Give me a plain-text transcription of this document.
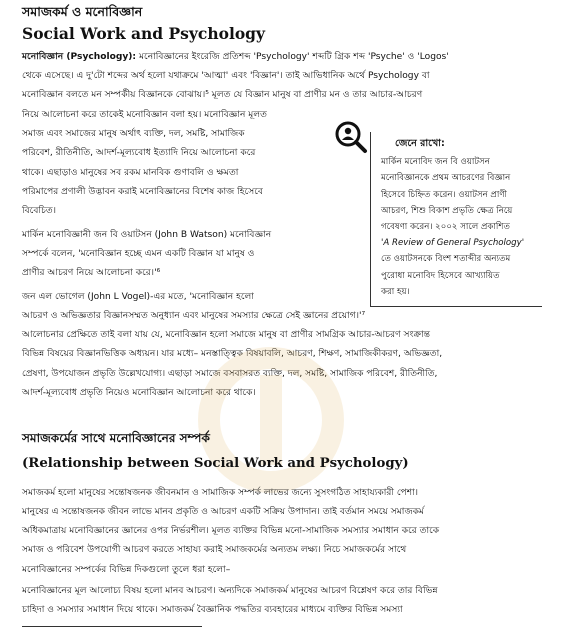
সমাজকর্ম ও মনোবিজ্ঞান
Social Work and Psychology
মনোবিজ্ঞান (Psychology): মনোবিজ্ঞানের ইংরেজি প্রতিশব্দ 'Psychology' শব্দটি গ্রিক শব্দ 'Psyche' ও 'Logos'
থেকে এসেছে। এ দু'টো শব্দের অর্থ হলো যথাক্রমে 'আত্মা' এবং 'বিজ্ঞান'। তাই আভিধানিক অর্থে Psychology বা
মনোবিজ্ঞান বলতে মন সম্পর্কীয় বিজ্ঞানকে বোঝায়।⁵ মূলত যে বিজ্ঞান মানুষ বা প্রাণীর মন ও তার আচার-আচরণ
নিয়ে আলোচনা করে তাকেই মনোবিজ্ঞান বলা হয়। মনোবিজ্ঞান মূলত
সমাজ এবং সমাজের মানুষ অর্থাৎ ব্যক্তি, দল, সমষ্টি, সামাজিক
পরিবেশ, রীতিনীতি, আদর্শ-মূল্যবোধ ইত্যাদি নিয়ে আলোচনা করে
থাকে। এছাড়াও মানুষের সব রকম মানবিক গুণাবলি ও ক্ষমতা
পরিমাপের প্রণালী উদ্ভাবন করাই মনোবিজ্ঞানের বিশেষ কাজ হিসেবে
বিবেচিত।
মার্কিন মনোবিজ্ঞানী জন বি ওয়াটসন (John B Watson) মনোবিজ্ঞান
সম্পর্কে বলেন, 'মনোবিজ্ঞান হচ্ছে এমন একটি বিজ্ঞান যা মানুষ ও
প্রাণীর আচরণ নিয়ে আলোচনা করে।'⁶
জন এল ভোগেল (John L Vogel)-এর মতে, 'মনোবিজ্ঞান হলো
আচরণ ও অভিজ্ঞতার বিজ্ঞানসম্মত অনুধ্যান এবং মানুষের সমস্যার ক্ষেত্রে সেই জ্ঞানের প্রয়োগ।'⁷
আলোচনার প্রেক্ষিতে তাই বলা যায় যে, মনোবিজ্ঞান হলো সমাজে মানুষ বা প্রাণীর সামগ্রিক আচার-আচরণ সংক্রান্ত
বিভিন্ন বিষয়ের বিজ্ঞানভিত্তিক অধ্যয়ন। যার মধ্যে– মনস্তাত্ত্বিক বিষয়াবলি, আচরণ, শিক্ষণ, সামাজিকীকরণ, অভিজ্ঞতা,
প্রেষণা, উপযোজন প্রভৃতি উল্লেখযোগ্য। এছাড়া সমাজে বসবাসরত ব্যক্তি, দল, সমষ্টি, সামাজিক পরিবেশ, রীতিনীতি,
আদর্শ-মূল্যবোধ প্রভৃতি নিয়েও মনোবিজ্ঞান আলোচনা করে থাকে।
জেনে রাখো:
মার্কিন মনোবিদ জন বি ওয়াটসন
মনোবিজ্ঞানকে প্রথম আচরণের বিজ্ঞান
হিসেবে চিহ্নিত করেন। ওয়াটসন প্রাণী
আচরণ, শিশু বিকাশ প্রভৃতি ক্ষেত্র নিয়ে
গবেষণা করেন। ২০০২ সালে প্রকাশিত
'A Review of General Psychology'
তে ওয়াটসনকে বিংশ শতাব্দীর অন্যতম
পুরোধা মনোবিদ হিসেবে আখ্যায়িত
করা হয়।
সমাজকর্মের সাথে মনোবিজ্ঞানের সম্পর্ক
(Relationship between Social Work and Psychology)
সমাজকর্ম হলো মানুষের সন্তোষজনক জীবনমান ও সামাজিক সম্পর্ক লাভের জন্যে সুসংগঠিত সাহায্যকারী পেশা।
মানুষের এ সন্তোষজনক জীবন লাভে মানব প্রকৃতি ও আচরণ একটি সক্রিয় উপাদান। তাই বর্তমান সময়ে সমাজকর্ম
অধিকমাত্রায় মনোবিজ্ঞানের জ্ঞানের ওপর নির্ভরশীল। মূলত ব্যক্তির বিভিন্ন মনো-সামাজিক সমস্যার সমাধান করে তাকে
সমাজ ও পরিবেশ উপযোগী আচরণ করতে সাহায্য করাই সমাজকর্মের অন্যতম লক্ষ্য। নিচে সমাজকর্মের সাথে
মনোবিজ্ঞানের সম্পর্কের বিভিন্ন দিকগুলো তুলে ধরা হলো–
মনোবিজ্ঞানের মূল আলোচ্য বিষয় হলো মানব আচরণ। অন্যদিকে সমাজকর্ম মানুষের আচরণ বিশ্লেষণ করে তার বিভিন্ন
চাহিদা ও সমস্যার সমাধান দিয়ে থাকে। সমাজকর্ম বৈজ্ঞানিক পদ্ধতির ব্যবহারের মাধ্যমে ব্যক্তির বিভিন্ন সমস্যা
